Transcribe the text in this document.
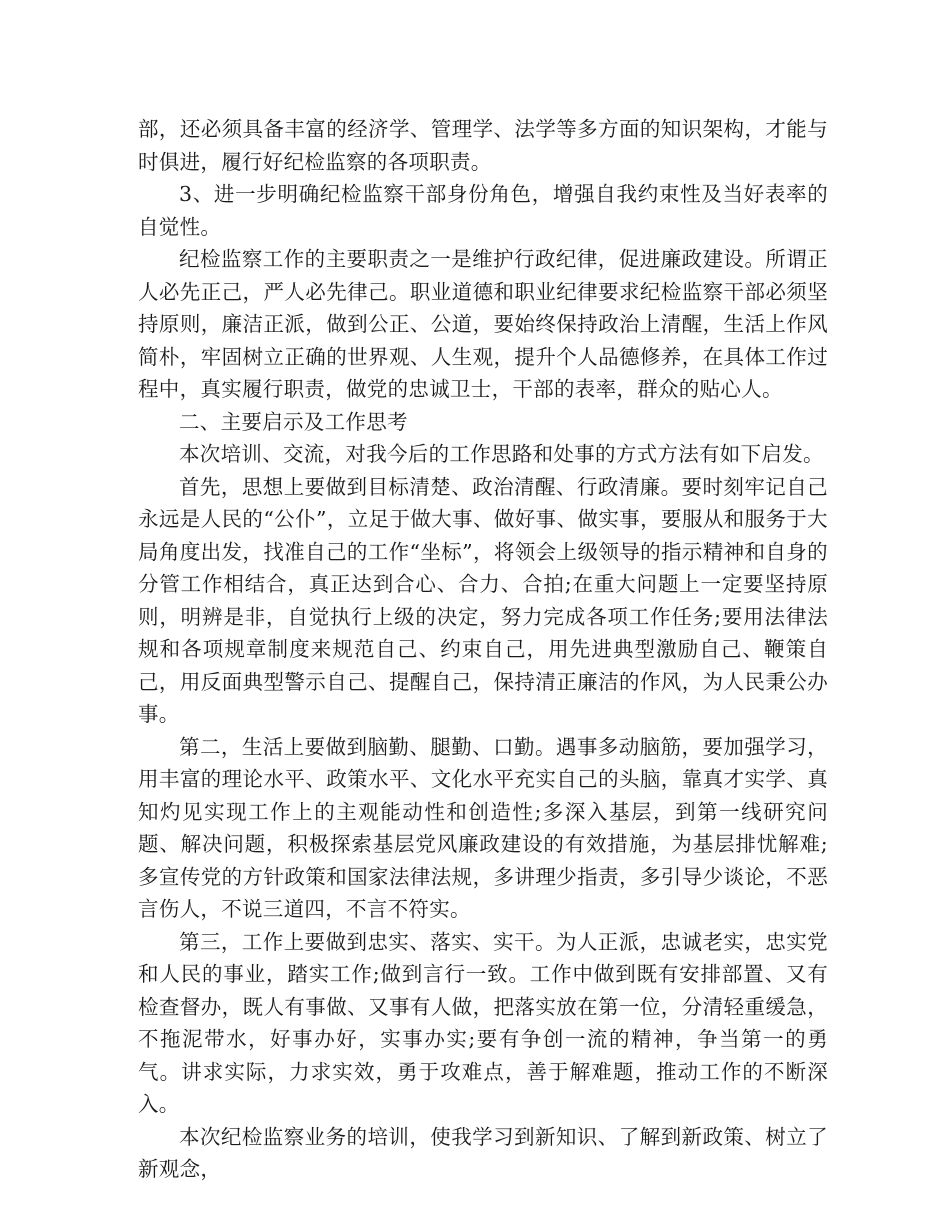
部，还必须具备丰富的经济学、管理学、法学等多方面的知识架构，才能与时俱进，履行好纪检监察的各项职责。

3、进一步明确纪检监察干部身份角色，增强自我约束性及当好表率的自觉性。

纪检监察工作的主要职责之一是维护行政纪律，促进廉政建设。所谓正人必先正己，严人必先律己。职业道德和职业纪律要求纪检监察干部必须坚持原则，廉洁正派，做到公正、公道，要始终保持政治上清醒，生活上作风简朴，牢固树立正确的世界观、人生观，提升个人品德修养，在具体工作过程中，真实履行职责，做党的忠诚卫士，干部的表率，群众的贴心人。

二、主要启示及工作思考

本次培训、交流，对我今后的工作思路和处事的方式方法有如下启发。

首先，思想上要做到目标清楚、政治清醒、行政清廉。要时刻牢记自己永远是人民的“公仆”，立足于做大事、做好事、做实事，要服从和服务于大局角度出发，找准自己的工作“坐标”，将领会上级领导的指示精神和自身的分管工作相结合，真正达到合心、合力、合拍;在重大问题上一定要坚持原则，明辨是非，自觉执行上级的决定，努力完成各项工作任务;要用法律法规和各项规章制度来规范自己、约束自己，用先进典型激励自己、鞭策自己，用反面典型警示自己、提醒自己，保持清正廉洁的作风，为人民秉公办事。

第二，生活上要做到脑勤、腿勤、口勤。遇事多动脑筋，要加强学习，用丰富的理论水平、政策水平、文化水平充实自己的头脑，靠真才实学、真知灼见实现工作上的主观能动性和创造性;多深入基层，到第一线研究问题、解决问题，积极探索基层党风廉政建设的有效措施，为基层排忧解难;多宣传党的方针政策和国家法律法规，多讲理少指责，多引导少谈论，不恶言伤人，不说三道四，不言不符实。

第三，工作上要做到忠实、落实、实干。为人正派，忠诚老实，忠实党和人民的事业，踏实工作;做到言行一致。工作中做到既有安排部置、又有检查督办，既人有事做、又事有人做，把落实放在第一位，分清轻重缓急，不拖泥带水，好事办好，实事办实;要有争创一流的精神，争当第一的勇气。讲求实际，力求实效，勇于攻难点，善于解难题，推动工作的不断深入。

本次纪检监察业务的培训，使我学习到新知识、了解到新政策、树立了新观念，
